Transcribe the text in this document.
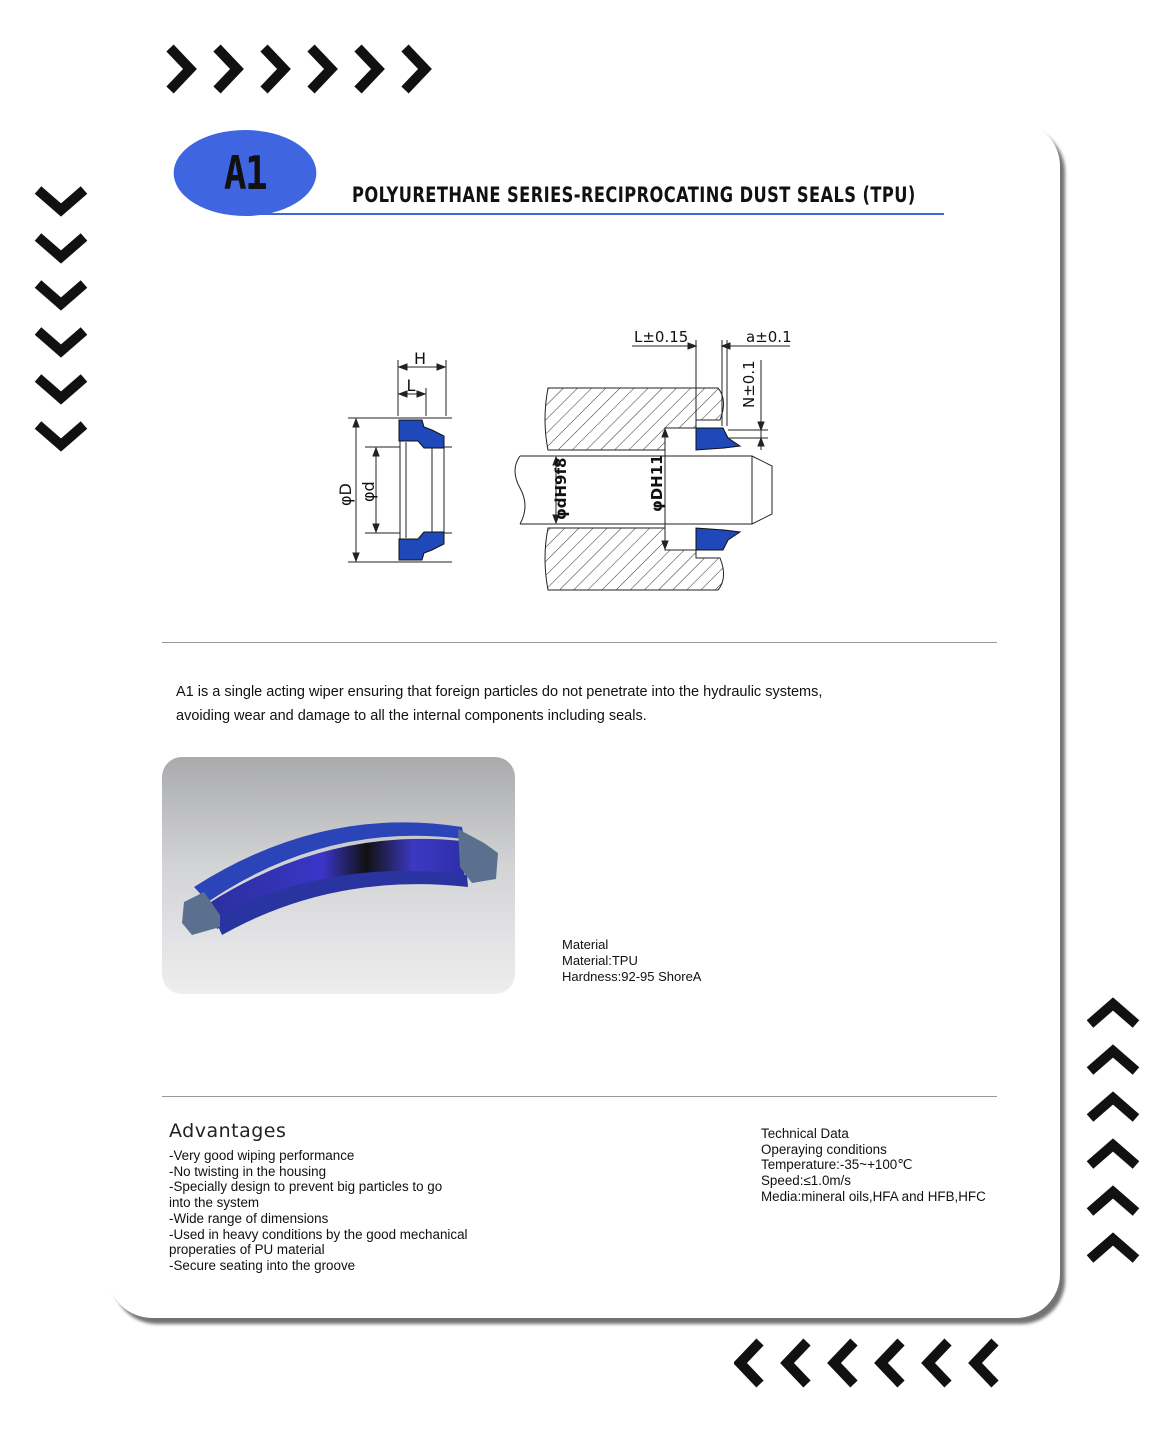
A1	POLYURETHANE SERIES-RECIPROCATING DUST SEALS (TPU)
H
L
φD φd
L±0.15	a±0.1
N±0.1
φdH9f8	φDH11
A1 is a single acting wiper ensuring that foreign particles do not penetrate into the hydraulic systems,
avoiding wear and damage to all the internal components including seals.
Material
Material:TPU
Hardness:92-95 ShoreA
Advantages
-Very good wiping performance
-No twisting in the housing
-Specially design to prevent big particles to go into the system
-Wide range of dimensions
-Used in heavy conditions by the good mechanical properaties of PU material
-Secure seating into the groove
Technical Data
Operaying conditions
Temperature:-35~+100℃
Speed:≤1.0m/s
Media:mineral oils,HFA and HFB,HFC
